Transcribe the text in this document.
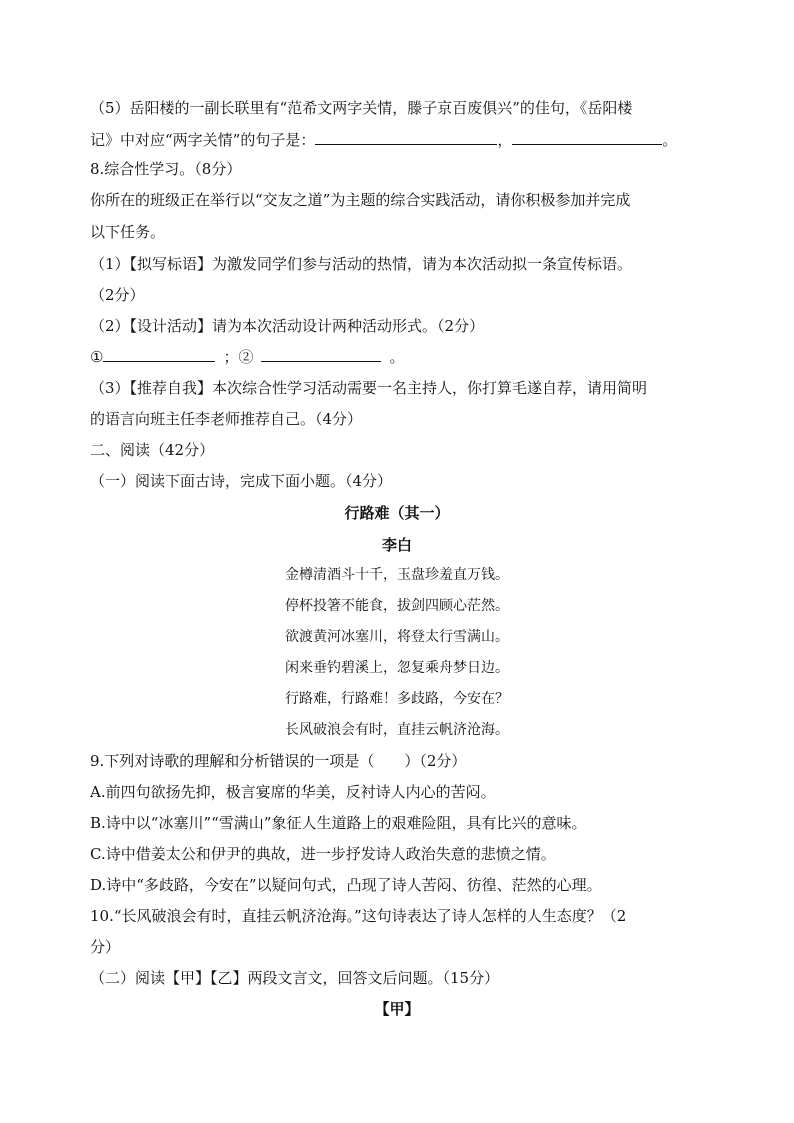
（5）岳阳楼的一副长联里有“范希文两字关情，滕子京百废俱兴”的佳句，《岳阳楼
记》中对应“两字关情”的句子是：	，	。
8.综合性学习。（8分）
你所在的班级正在举行以“交友之道”为主题的综合实践活动，请你积极参加并完成
以下任务。
（1）【拟写标语】为激发同学们参与活动的热情，请为本次活动拟一条宣传标语。
（2分）
（2）【设计活动】请为本次活动设计两种活动形式。（2分）
①	；②	。
（3）【推荐自我】本次综合性学习活动需要一名主持人，你打算毛遂自荐，请用简明
的语言向班主任李老师推荐自己。（4分）
二、阅读（42分）
（一）阅读下面古诗，完成下面小题。（4分）
行路难（其一）
李白
金樽清酒斗十千，玉盘珍羞直万钱。
停杯投箸不能食，拔剑四顾心茫然。
欲渡黄河冰塞川，将登太行雪满山。
闲来垂钓碧溪上，忽复乘舟梦日边。
行路难，行路难！多歧路，今安在？
长风破浪会有时，直挂云帆济沧海。
9.下列对诗歌的理解和分析错误的一项是（　　）（2分）
A.前四句欲扬先抑，极言宴席的华美，反衬诗人内心的苦闷。
B.诗中以“冰塞川”“雪满山”象征人生道路上的艰难险阻，具有比兴的意味。
C.诗中借姜太公和伊尹的典故，进一步抒发诗人政治失意的悲愤之情。
D.诗中“多歧路，今安在”以疑问句式，凸现了诗人苦闷、彷徨、茫然的心理。
10.“长风破浪会有时，直挂云帆济沧海。”这句诗表达了诗人怎样的人生态度？（2
分）
（二）阅读【甲】【乙】两段文言文，回答文后问题。（15分）
【甲】
